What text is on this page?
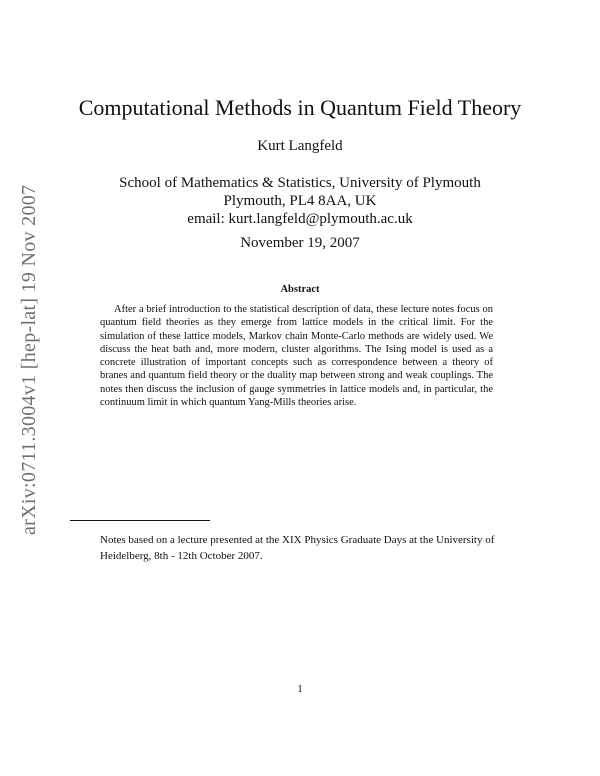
arXiv:0711.3004v1 [hep-lat] 19 Nov 2007
Computational Methods in Quantum Field Theory
Kurt Langfeld
School of Mathematics & Statistics, University of Plymouth
Plymouth, PL4 8AA, UK
email: kurt.langfeld@plymouth.ac.uk
November 19, 2007
Abstract

After a brief introduction to the statistical description of data, these lecture notes focus on quantum field theories as they emerge from lattice models in the critical limit. For the simulation of these lattice models, Markov chain Monte-Carlo methods are widely used. We discuss the heat bath and, more modern, cluster algorithms. The Ising model is used as a concrete illustration of important concepts such as correspondence between a theory of branes and quantum field theory or the duality map between strong and weak couplings. The notes then discuss the inclusion of gauge symmetries in lattice models and, in particular, the continuum limit in which quantum Yang-Mills theories arise.

Notes based on a lecture presented at the XIX Physics Graduate Days at the University of Heidelberg, 8th - 12th October 2007.

1
